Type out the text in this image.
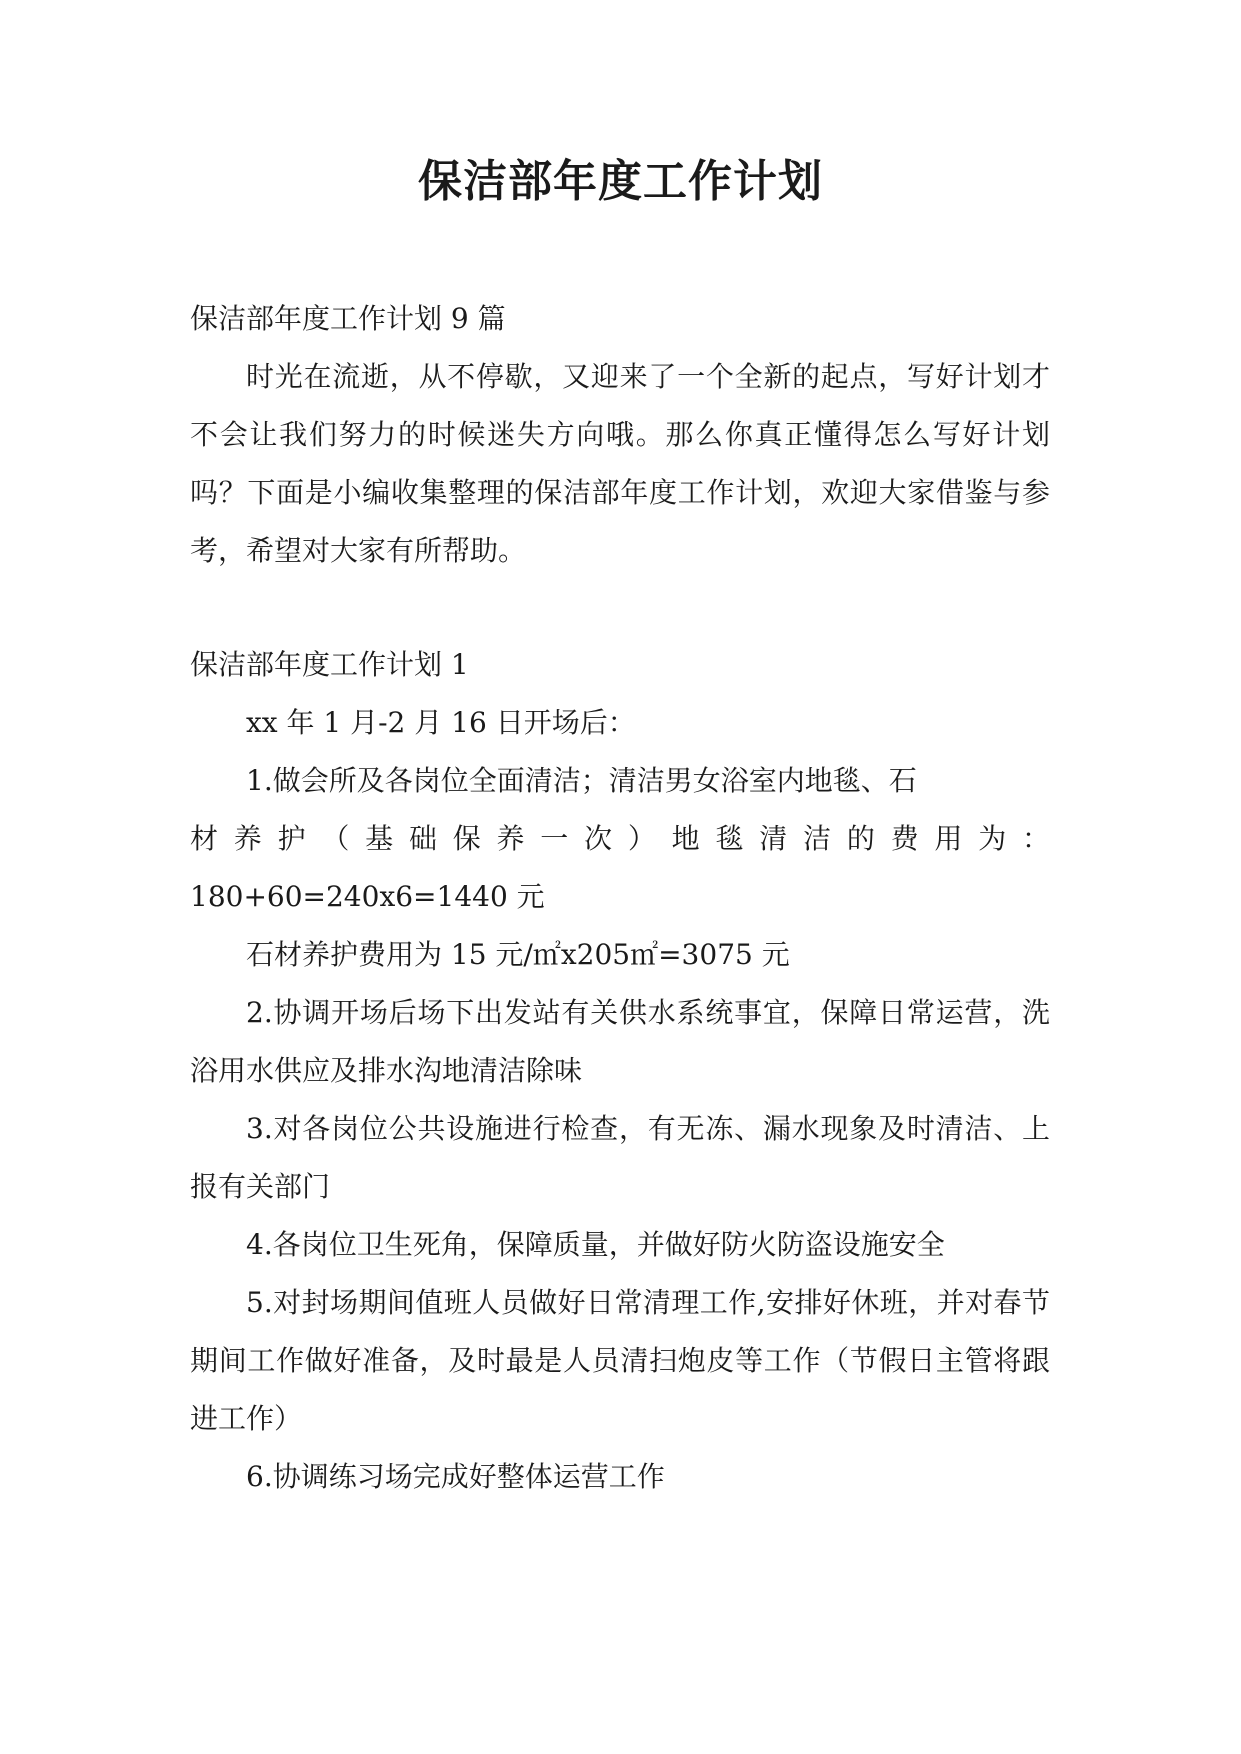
保洁部年度工作计划

保洁部年度工作计划 9 篇

时光在流逝，从不停歇，又迎来了一个全新的起点，写好计划才不会让我们努力的时候迷失方向哦。那么你真正懂得怎么写好计划吗？下面是小编收集整理的保洁部年度工作计划，欢迎大家借鉴与参考，希望对大家有所帮助。

保洁部年度工作计划 1

xx 年 1 月-2 月 16 日开场后：

1.做会所及各岗位全面清洁；清洁男女浴室内地毯、石

材养护（基础保养一次）地毯清洁的费用为：

180+60=240x6=1440 元

石材养护费用为 15 元/㎡x205㎡=3075 元

2.协调开场后场下出发站有关供水系统事宜，保障日常运营，洗浴用水供应及排水沟地清洁除味

3.对各岗位公共设施进行检查，有无冻、漏水现象及时清洁、上报有关部门

4.各岗位卫生死角，保障质量，并做好防火防盗设施安全

5.对封场期间值班人员做好日常清理工作,安排好休班，并对春节期间工作做好准备，及时最是人员清扫炮皮等工作（节假日主管将跟进工作）

6.协调练习场完成好整体运营工作
